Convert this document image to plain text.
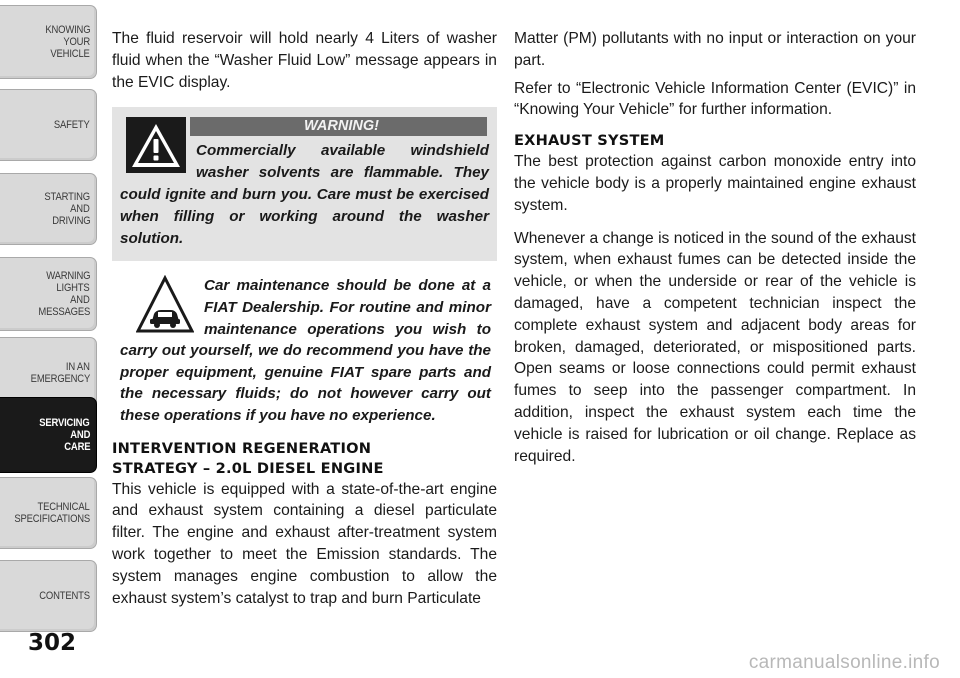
KNOWING
YOUR
VEHICLE
SAFETY
STARTING
AND
DRIVING
WARNING
LIGHTS
AND
MESSAGES
IN AN
EMERGENCY
SERVICING
AND
CARE
TECHNICAL
SPECIFICATIONS
CONTENTS
302

The fluid reservoir will hold nearly 4 Liters of washer fluid when the “Washer Fluid Low” message appears in the EVIC display.

WARNING!
Commercially available windshield washer solvents are flammable. They could ignite and burn you. Care must be exercised when filling or working around the washer solution.
Car maintenance should be done at a FIAT Dealership. For routine and minor maintenance operations you wish to carry out yourself, we do recommend you have the proper equipment, genuine FIAT spare parts and the necessary fluids; do not however carry out these operations if you have no experience.
INTERVENTION REGENERATION
STRATEGY – 2.0L DIESEL ENGINE

This vehicle is equipped with a state-of-the-art engine and exhaust system containing a diesel particulate filter. The engine and exhaust after-treatment system work together to meet the Emission standards. The system manages engine combustion to allow the exhaust system’s catalyst to trap and burn Particulate

Matter (PM) pollutants with no input or interaction on your part.

Refer to “Electronic Vehicle Information Center (EVIC)” in “Knowing Your Vehicle” for further information.

EXHAUST SYSTEM

The best protection against carbon monoxide entry into the vehicle body is a properly maintained engine exhaust system.

Whenever a change is noticed in the sound of the exhaust system, when exhaust fumes can be detected inside the vehicle, or when the underside or rear of the vehicle is damaged, have a competent technician inspect the complete exhaust system and adjacent body areas for broken, damaged, deteriorated, or mispositioned parts. Open seams or loose connections could permit exhaust fumes to seep into the passenger compartment. In addition, inspect the exhaust system each time the vehicle is raised for lubrication or oil change. Replace as required.

carmanualsonline.info
